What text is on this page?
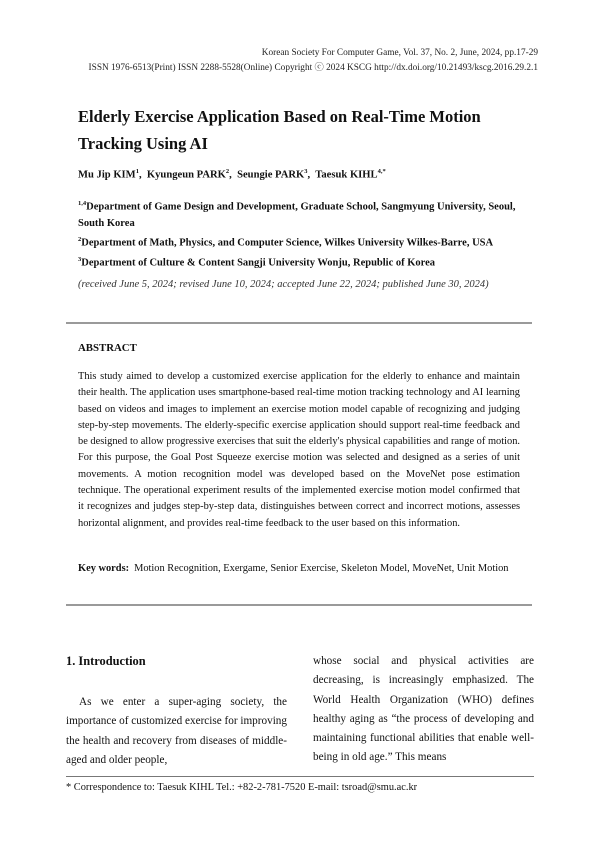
Korean Society For Computer Game, Vol. 37, No. 2, June, 2024, pp.17-29
ISSN 1976-6513(Print) ISSN 2288-5528(Online) Copyright ⓒ 2024 KSCG http://dx.doi.org/10.21493/kscg.2016.29.2.1
Elderly Exercise Application Based on Real-Time Motion
Tracking Using AI
Mu Jip KIM$^1$,  Kyungeun PARK$^2$,  Seungie PARK$^3$,  Taesuk $KIHL^{4,*}$
$^{1,4}$Department of Game Design and Development, Graduate School, Sangmyung University, Seoul, South Korea
$^2$Department of Math, Physics, and Computer Science, Wilkes University Wilkes-Barre, USA
$^3$Department of Culture & Content Sangji University Wonju, Republic of Korea
(received June 5, 2024; revised June 10, 2024; accepted June 22, 2024; published June 30, 2024)
ABSTRACT
This study aimed to develop a customized exercise application for the elderly to enhance and maintain their health. The application uses smartphone-based real-time motion tracking technology and AI learning based on videos and images to implement an exercise motion model capable of recognizing and judging step-by-step movements. The elderly-specific exercise application should support real-time feedback and be designed to allow progressive exercises that suit the elderly's physical capabilities and range of motion. For this purpose, the Goal Post Squeeze exercise motion was selected and designed as a series of unit movements. A motion recognition model was developed based on the MoveNet pose estimation technique. The operational experiment results of the implemented exercise motion model confirmed that it recognizes and judges step-by-step data, distinguishes between correct and incorrect motions, assesses horizontal alignment, and provides real-time feedback to the user based on this information.
Key words: Motion Recognition, Exergame, Senior Exercise, Skeleton Model, MoveNet, Unit Motion
1. Introduction
As we enter a super-aging society, the importance of customized exercise for improving the health and recovery from diseases of middle-aged and older people,
whose social and physical activities are decreasing, is increasingly emphasized. The World Health Organization (WHO) defines healthy aging as “the process of developing and maintaining functional abilities that enable well-being in old age.” This means
* Correspondence to: Taesuk KIHL Tel.: +82-2-781-7520 E-mail: tsroad@smu.ac.kr
